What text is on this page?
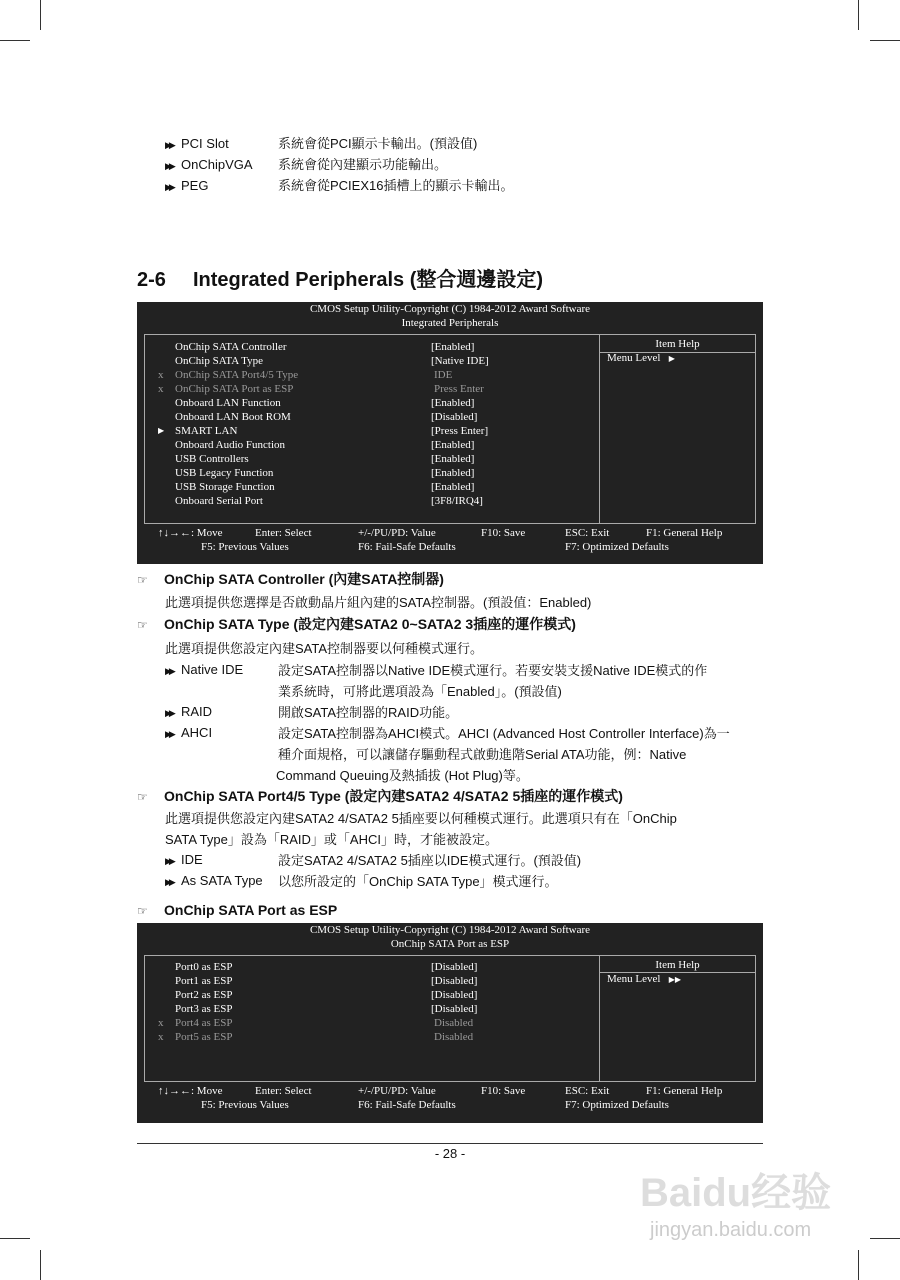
▶▶ PCI Slot	系統會從PCI顯示卡輸出。(預設值)
▶▶ OnChipVGA 系統會從內建顯示功能輸出。
▶▶ PEG	系統會從PCIEX16插槽上的顯示卡輸出。
2-6 Integrated Peripherals (整合週邊設定)
CMOS Setup Utility-Copyright (C) 1984-2012 Award Software
Integrated Peripherals
OnChip SATA Controller	[Enabled]
OnChip SATA Type	[Native IDE]
x	OnChip SATA Port4/5 Type	IDE
x	OnChip SATA Port as ESP	Press Enter
Onboard LAN Function	[Enabled]
Onboard LAN Boot ROM	[Disabled]
▶ SMART LAN	[Press Enter]
Onboard Audio Function	[Enabled]
USB Controllers	[Enabled]
USB Legacy Function	[Enabled]
USB Storage Function	[Enabled]
Onboard Serial Port	[3F8/IRQ4]
Item Help
Menu Level ▶
↑↓→←: Move	Enter: Select	+/-/PU/PD: Value	F10: Save	ESC: Exit	F1: General Help
F5: Previous Values	F6: Fail-Safe Defaults	F7: Optimized Defaults
☞ OnChip SATA Controller (內建SATA控制器)
此選項提供您選擇是否啟動晶片組內建的SATA控制器。(預設值：Enabled)
☞ OnChip SATA Type (設定內建SATA2 0~SATA2 3插座的運作模式)
此選項提供您設定內建SATA控制器要以何種模式運行。
▶▶ Native IDE	設定SATA控制器以Native IDE模式運行。若要安裝支援Native IDE模式的作
業系統時，可將此選項設為「Enabled」。(預設值)
▶▶ RAID	開啟SATA控制器的RAID功能。
▶▶ AHCI	設定SATA控制器為AHCI模式。AHCI (Advanced Host Controller Interface)為一
種介面規格，可以讓儲存驅動程式啟動進階Serial ATA功能，例：Native
Command Queuing及熱插拔 (Hot Plug)等。
☞ OnChip SATA Port4/5 Type (設定內建SATA2 4/SATA2 5插座的運作模式)
此選項提供您設定內建SATA2 4/SATA2 5插座要以何種模式運行。此選項只有在「OnChip
SATA Type」設為「RAID」或「AHCI」時，才能被設定。
▶▶ IDE	設定SATA2 4/SATA2 5插座以IDE模式運行。(預設值)
▶▶ As SATA Type 以您所設定的「OnChip SATA Type」模式運行。
☞ OnChip SATA Port as ESP
CMOS Setup Utility-Copyright (C) 1984-2012 Award Software
OnChip SATA Port as ESP
Port0 as ESP	[Disabled]
Port1 as ESP	[Disabled]
Port2 as ESP	[Disabled]
Port3 as ESP	[Disabled]
x	Port4 as ESP	Disabled
x	Port5 as ESP	Disabled
Item Help
Menu Level ▶▶
↑↓→←: Move	Enter: Select	+/-/PU/PD: Value	F10: Save	ESC: Exit	F1: General Help
F5: Previous Values	F6: Fail-Safe Defaults	F7: Optimized Defaults
- 28 -
Baidu经验
jingyan.baidu.com
